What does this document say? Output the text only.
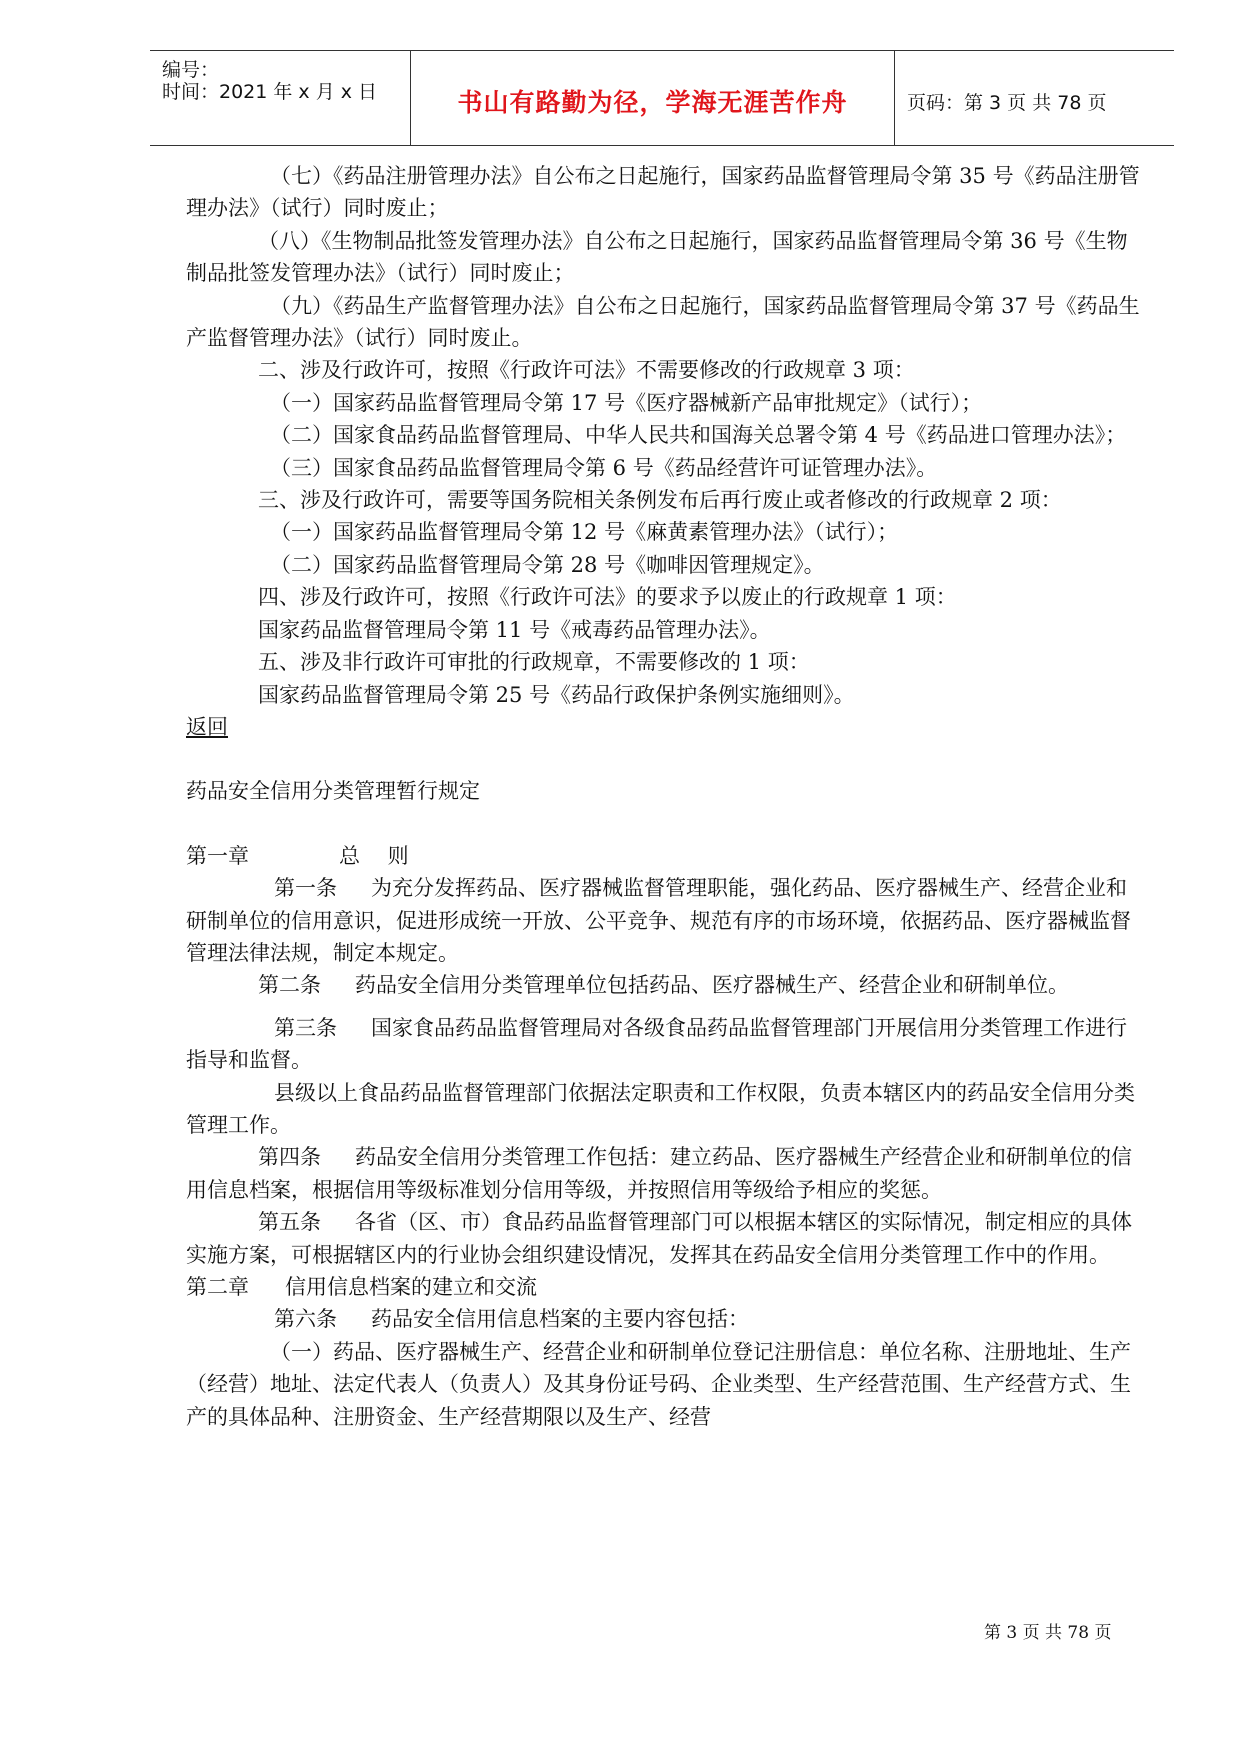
编号：
时间：2021 年 x 月 x 日	书山有路勤为径，学海无涯苦作舟	页码：第 3 页 共 78 页

（七）《药品注册管理办法》自公布之日起施行，国家药品监督管理局令第 35 号《药品注册管理办法》（试行）同时废止；

（八）《生物制品批签发管理办法》自公布之日起施行，国家药品监督管理局令第 36 号《生物制品批签发管理办法》（试行）同时废止；

（九）《药品生产监督管理办法》自公布之日起施行，国家药品监督管理局令第 37 号《药品生产监督管理办法》（试行）同时废止。

二、涉及行政许可，按照《行政许可法》不需要修改的行政规章 3 项：

（一）国家药品监督管理局令第 17 号《医疗器械新产品审批规定》（试行）；

（二）国家食品药品监督管理局、中华人民共和国海关总署令第 4 号《药品进口管理办法》；

（三）国家食品药品监督管理局令第 6 号《药品经营许可证管理办法》。

三、涉及行政许可，需要等国务院相关条例发布后再行废止或者修改的行政规章 2 项：

（一）国家药品监督管理局令第 12 号《麻黄素管理办法》（试行）；

（二）国家药品监督管理局令第 28 号《咖啡因管理规定》。

四、涉及行政许可，按照《行政许可法》的要求予以废止的行政规章 1 项：

国家药品监督管理局令第 11 号《戒毒药品管理办法》。

五、涉及非行政许可审批的行政规章，不需要修改的 1 项：

国家药品监督管理局令第 25 号《药品行政保护条例实施细则》。

返回

药品安全信用分类管理暂行规定

第一章	总　 则

第一条 为充分发挥药品、医疗器械监督管理职能，强化药品、医疗器械生产、经营企业和研制单位的信用意识，促进形成统一开放、公平竞争、规范有序的市场环境，依据药品、医疗器械监督管理法律法规，制定本规定。

第二条 药品安全信用分类管理单位包括药品、医疗器械生产、经营企业和研制单位。

第三条 国家食品药品监督管理局对各级食品药品监督管理部门开展信用分类管理工作进行指导和监督。

县级以上食品药品监督管理部门依据法定职责和工作权限，负责本辖区内的药品安全信用分类管理工作。

第四条 药品安全信用分类管理工作包括：建立药品、医疗器械生产经营企业和研制单位的信用信息档案，根据信用等级标准划分信用等级，并按照信用等级给予相应的奖惩。

第五条 各省（区、市）食品药品监督管理部门可以根据本辖区的实际情况，制定相应的具体实施方案，可根据辖区内的行业协会组织建设情况，发挥其在药品安全信用分类管理工作中的作用。

第二章 信用信息档案的建立和交流

第六条 药品安全信用信息档案的主要内容包括：

（一）药品、医疗器械生产、经营企业和研制单位登记注册信息：单位名称、注册地址、生产（经营）地址、法定代表人（负责人）及其身份证号码、企业类型、生产经营范围、生产经营方式、生产的具体品种、注册资金、生产经营期限以及生产、经营

第 3 页 共 78 页
